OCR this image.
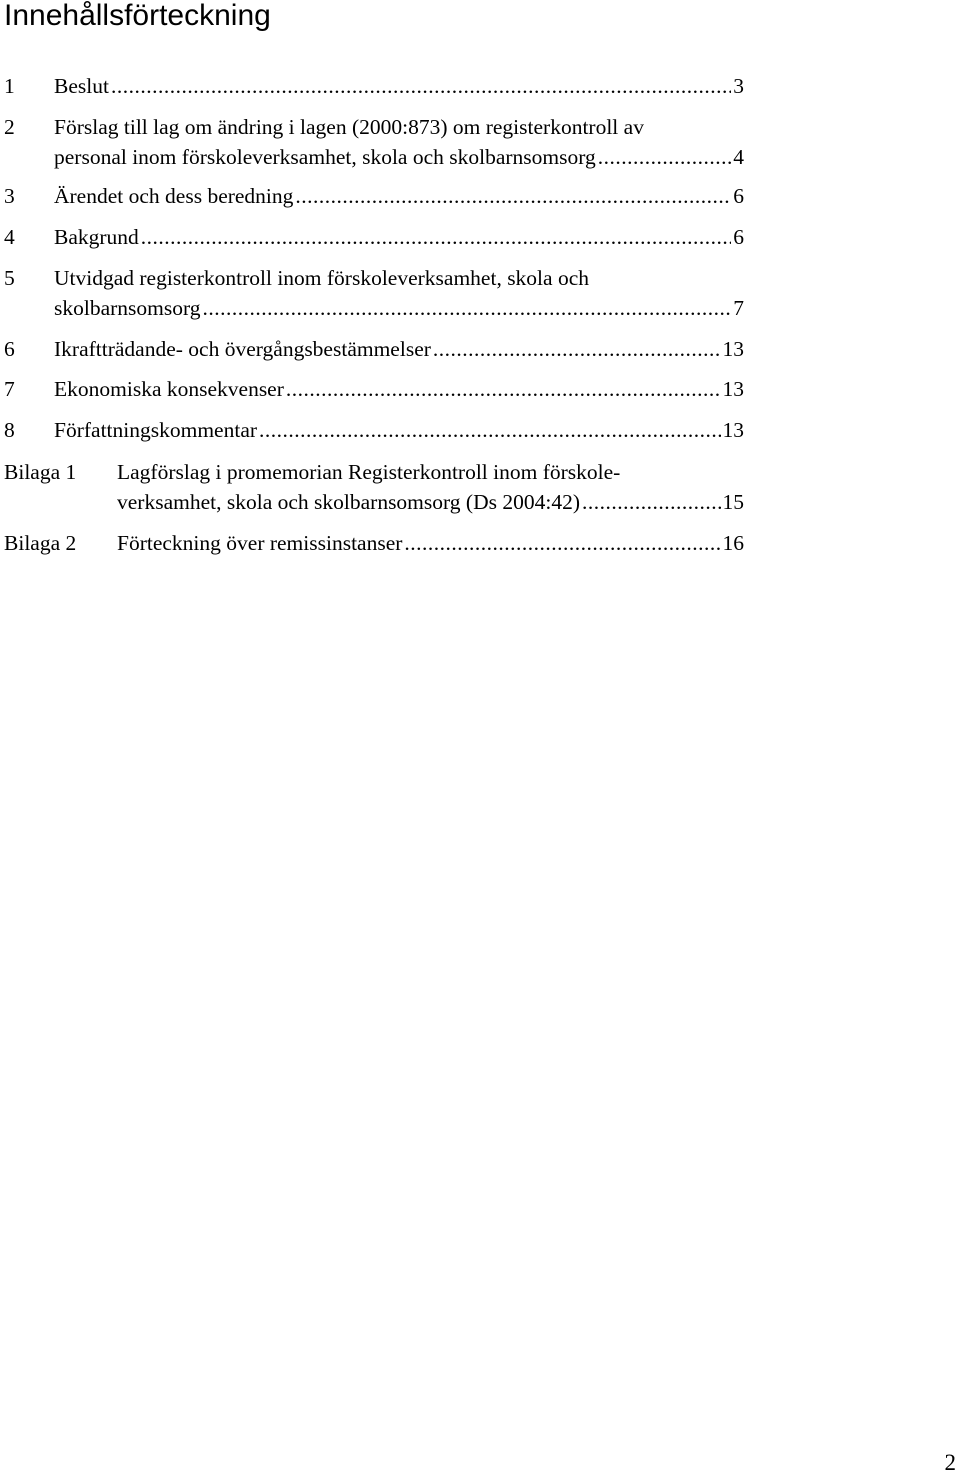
Innehållsförteckning
1 Beslut .....	3
2 Förslag till lag om ändring i lagen (2000:873) om registerkontroll av
personal inom förskoleverksamhet, skola och skolbarnsomsorg .....	4
3 Ärendet och dess beredning .....	6
4 Bakgrund .....	6
5 Utvidgad registerkontroll inom förskoleverksamhet, skola och
skolbarnsomsorg .....	7
6 Ikraftträdande- och övergångsbestämmelser .....	13
7 Ekonomiska konsekvenser .....	13
8 Författningskommentar .....	13
Bilaga 1 Lagförslag i promemorian Registerkontroll inom förskole-
verksamhet, skola och skolbarnsomsorg (Ds 2004:42) .....	15
Bilaga 2 Förteckning över remissinstanser .....	16
2
